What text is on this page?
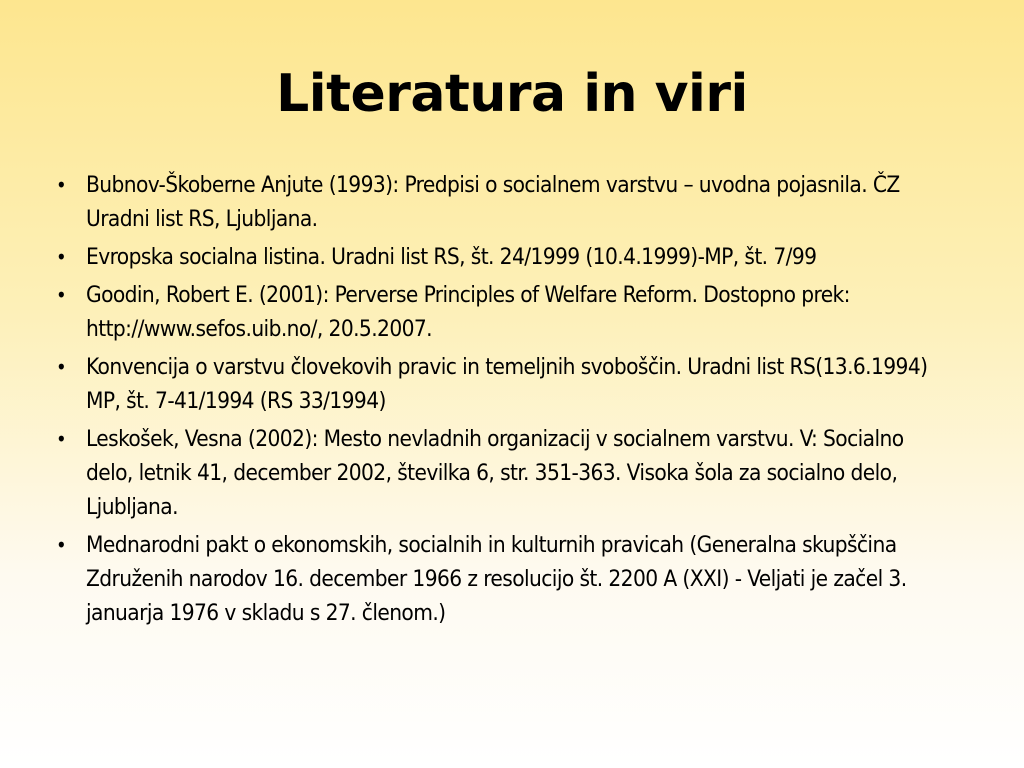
Literatura in viri
• Bubnov-Škoberne Anjute (1993): Predpisi o socialnem varstvu – uvodna pojasnila. ČZ Uradni list RS, Ljubljana.
• Evropska socialna listina. Uradni list RS, št. 24/1999 (10.4.1999)-MP, št. 7/99
• Goodin, Robert E. (2001): Perverse Principles of Welfare Reform. Dostopno prek: http://www.sefos.uib.no/, 20.5.2007.
• Konvencija o varstvu človekovih pravic in temeljnih svoboščin. Uradni list RS(13.6.1994) MP, št. 7-41/1994 (RS 33/1994)
• Leskošek, Vesna (2002): Mesto nevladnih organizacij v socialnem varstvu. V: Socialno delo, letnik 41, december 2002, številka 6, str. 351-363. Visoka šola za socialno delo, Ljubljana.
• Mednarodni pakt o ekonomskih, socialnih in kulturnih pravicah (Generalna skupščina Združenih narodov 16. december 1966 z resolucijo št. 2200 A (XXI) - Veljati je začel 3. januarja 1976 v skladu s 27. členom.)
